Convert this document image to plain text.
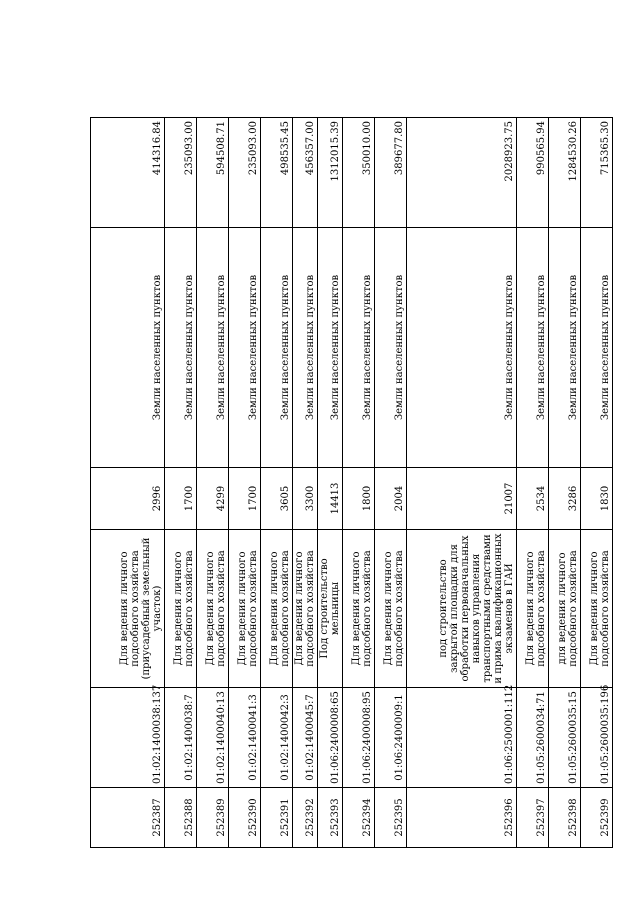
252387	01:02:1400038:137	Для ведения личного подсобного хозяйства (приусадебный земельный участок)	2996	Земли населенных пунктов	414316.84
252388	01:02:1400038:7	Для ведения личного подсобного хозяйства	1700	Земли населенных пунктов	235093.00
252389	01:02:1400040:13	Для ведения личного подсобного хозяйства	4299	Земли населенных пунктов	594508.71
252390	01:02:1400041:3	Для ведения личного подсобного хозяйства	1700	Земли населенных пунктов	235093.00
252391	01:02:1400042:3	Для ведения личного подсобного хозяйства	3605	Земли населенных пунктов	498535.45
252392	01:02:1400045:7	Для ведения личного подсобного хозяйства	3300	Земли населенных пунктов	456357.00
252393	01:06:2400008:65	Под строительство мельницы	14413	Земли населенных пунктов	1312015.39
252394	01:06:2400008:95	Для ведения личного подсобного хозяйства	1800	Земли населенных пунктов	350010.00
252395	01:06:2400009:1	Для ведения личного подсобного хозяйства	2004	Земли населенных пунктов	389677.80
252396	01:06:2500001:112	под строительство закрытой площадки для обработки первоначальных навыков управления транспортными средствами и прима квалификационных экзаменов в ГАИ	21007	Земли населенных пунктов	2028923.75
252397	01:05:2600034:71	Для ведения личного подсобного хозяйства	2534	Земли населенных пунктов	990565.94
252398	01:05:2600035:15	для ведения личного подсобного хозяйства	3286	Земли населенных пунктов	1284530.26
252399	01:05:2600035:196	Для ведения личного подсобного хозяйства	1830	Земли населенных пунктов	715365.30
